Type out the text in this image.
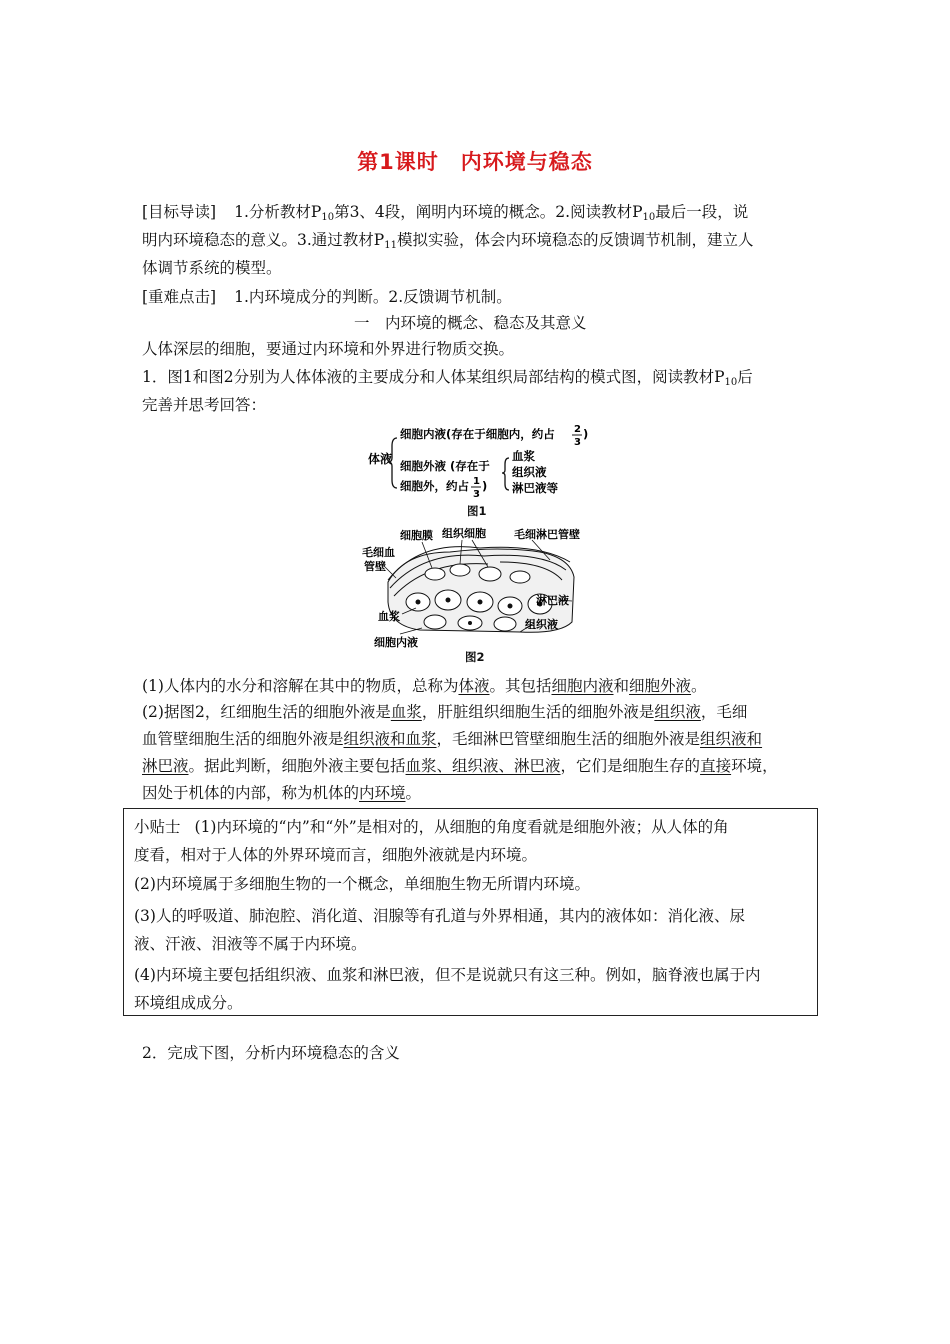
第1课时　内环境与稳态
[目标导读] 1.分析教材$P_{10}$第3、4段，阐明内环境的概念。2.阅读教材$P_{10}$最后一段，说
明内环境稳态的意义。3.通过教材$P_{11}$模拟实验，体会内环境稳态的反馈调节机制，建立人
体调节系统的模型。
[重难点击] 1.内环境成分的判断。2.反馈调节机制。
一　内环境的概念、稳态及其意义
人体深层的细胞，要通过内环境和外界进行物质交换。
1．图1和图2分别为人体体液的主要成分和人体某组织局部结构的模式图，阅读教材$P_{10}$后
完善并思考回答：
体液
细胞内液(存在于细胞内，约占 2
3
)
细胞外液 (存在于
细胞外，约占 1
3
)
血浆
组织液
淋巴液等
图1
细胞膜 组织细胞	毛细淋巴管壁
毛细血
管壁
血浆
淋巴液
组织液
细胞内液
图2
(1)人体内的水分和溶解在其中的物质，总称为体液。其包括细胞内液和细胞外液。
(2)据图2，红细胞生活的细胞外液是血浆，肝脏组织细胞生活的细胞外液是组织液，毛细
血管壁细胞生活的细胞外液是组织液和血浆，毛细淋巴管壁细胞生活的细胞外液是组织液和
淋巴液。据此判断，细胞外液主要包括血浆、组织液、淋巴液，它们是细胞生存的直接环境，
因处于机体的内部，称为机体的内环境。
小贴士 (1)内环境的“内”和“外”是相对的，从细胞的角度看就是细胞外液；从人体的角
度看，相对于人体的外界环境而言，细胞外液就是内环境。
(2)内环境属于多细胞生物的一个概念，单细胞生物无所谓内环境。
(3)人的呼吸道、肺泡腔、消化道、泪腺等有孔道与外界相通，其内的液体如：消化液、尿
液、汗液、泪液等不属于内环境。
(4)内环境主要包括组织液、血浆和淋巴液，但不是说就只有这三种。例如，脑脊液也属于内
环境组成成分。
2．完成下图，分析内环境稳态的含义
